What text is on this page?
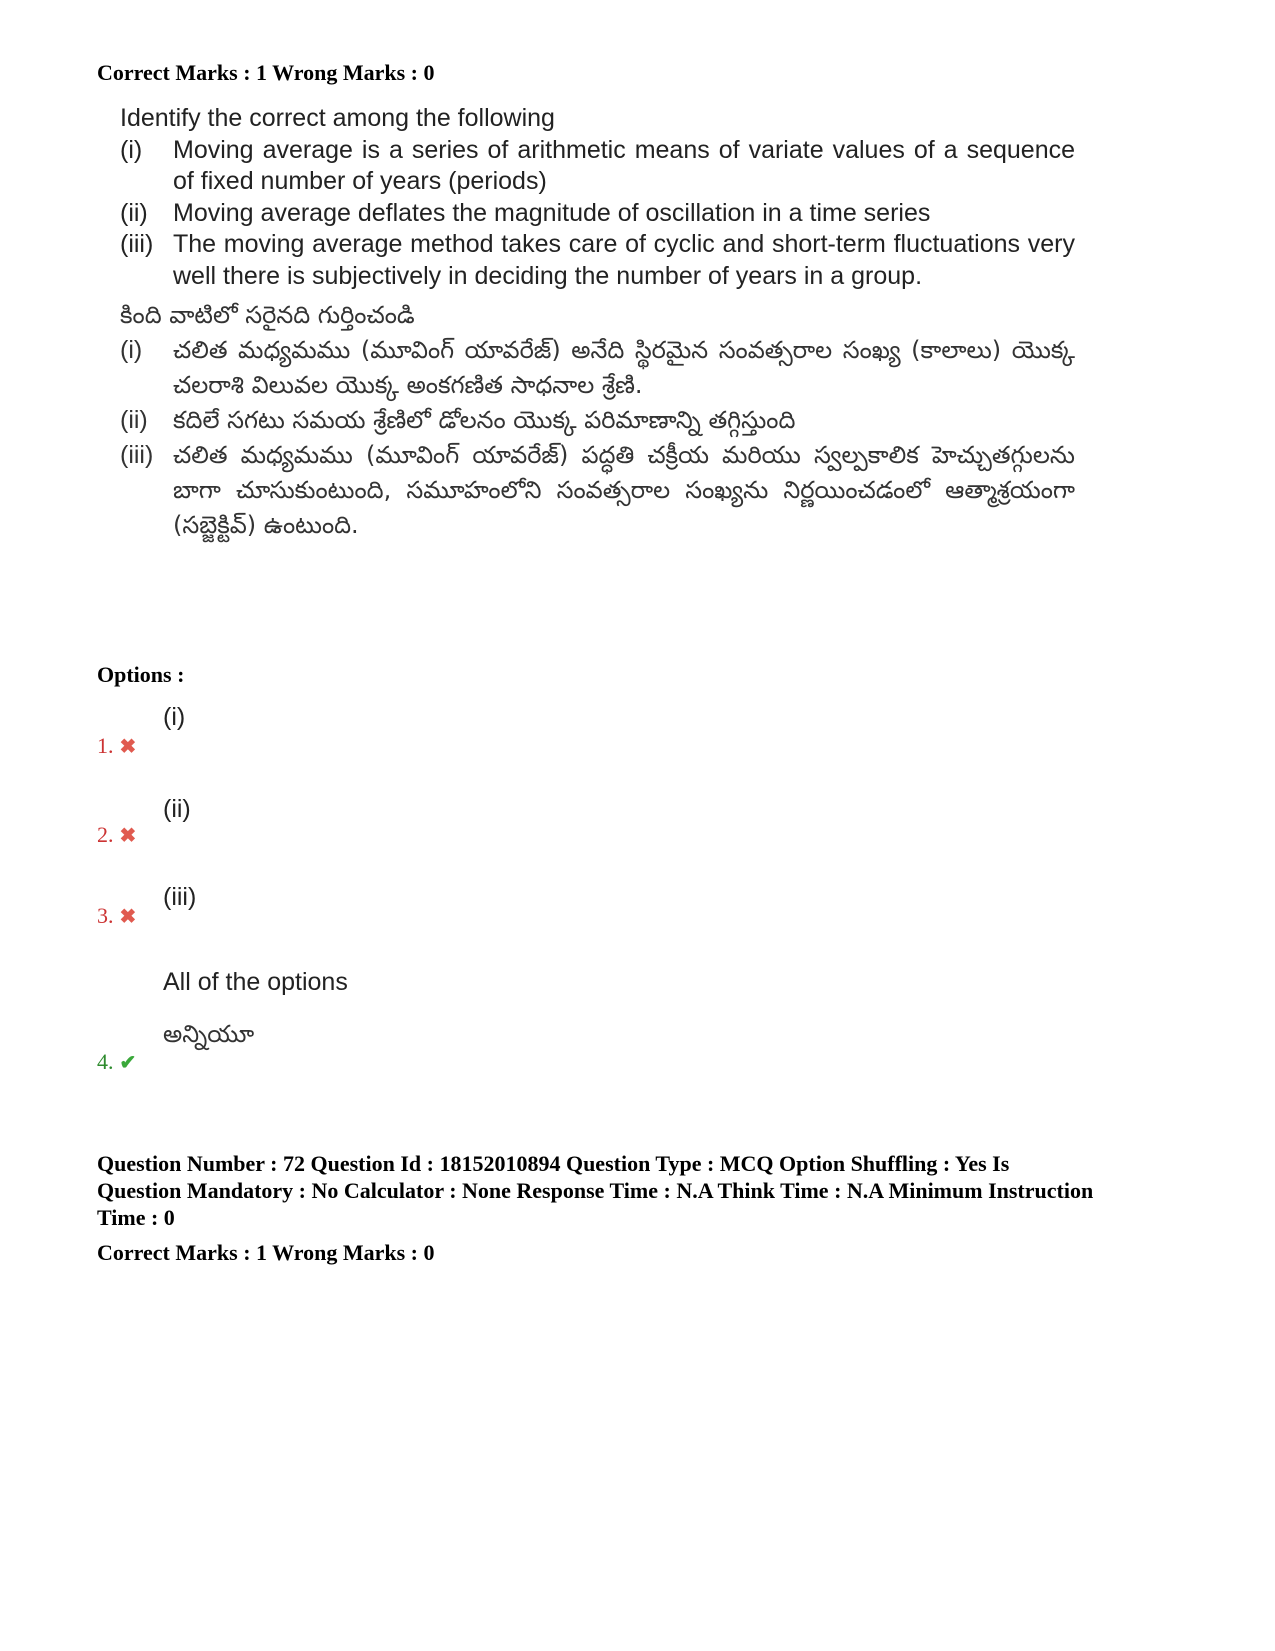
Correct Marks : 1 Wrong Marks : 0
Identify the correct among the following
(i)	Moving average is a series of arithmetic means of variate values of a sequence of fixed number of years (periods)
(ii)	Moving average deflates the magnitude of oscillation in a time series
(iii) The moving average method takes care of cyclic and short-term fluctuations very well there is subjectively in deciding the number of years in a group.
కింది వాటిలో సరైనది గుర్తించండి
(i)	చలిత మధ్యమము (మూవింగ్ యావరేజ్) అనేది స్థిరమైన సంవత్సరాల సంఖ్య (కాలాలు) యొక్క చలరాశి విలువల యొక్క అంకగణిత సాధనాల శ్రేణి.
(ii)	కదిలే సగటు సమయ శ్రేణిలో డోలనం యొక్క పరిమాణాన్ని తగ్గిస్తుంది
(iii) చలిత మధ్యమము (మూవింగ్ యావరేజ్) పద్ధతి చక్రీయ మరియు స్వల్పకాలిక హెచ్చుతగ్గులను బాగా చూసుకుంటుంది, సమూహంలోని సంవత్సరాల సంఖ్యను నిర్ణయించడంలో ఆత్మాశ్రయంగా (సబ్జెక్టివ్) ఉంటుంది.
Options :
(i)
1. ✖
(ii)
2. ✖
(iii)
3. ✖
All of the options
అన్నియూ
4. ✔
Question Number : 72 Question Id : 18152010894 Question Type : MCQ Option Shuffling : Yes Is Question Mandatory : No Calculator : None Response Time : N.A Think Time : N.A Minimum Instruction Time : 0
Correct Marks : 1 Wrong Marks : 0
